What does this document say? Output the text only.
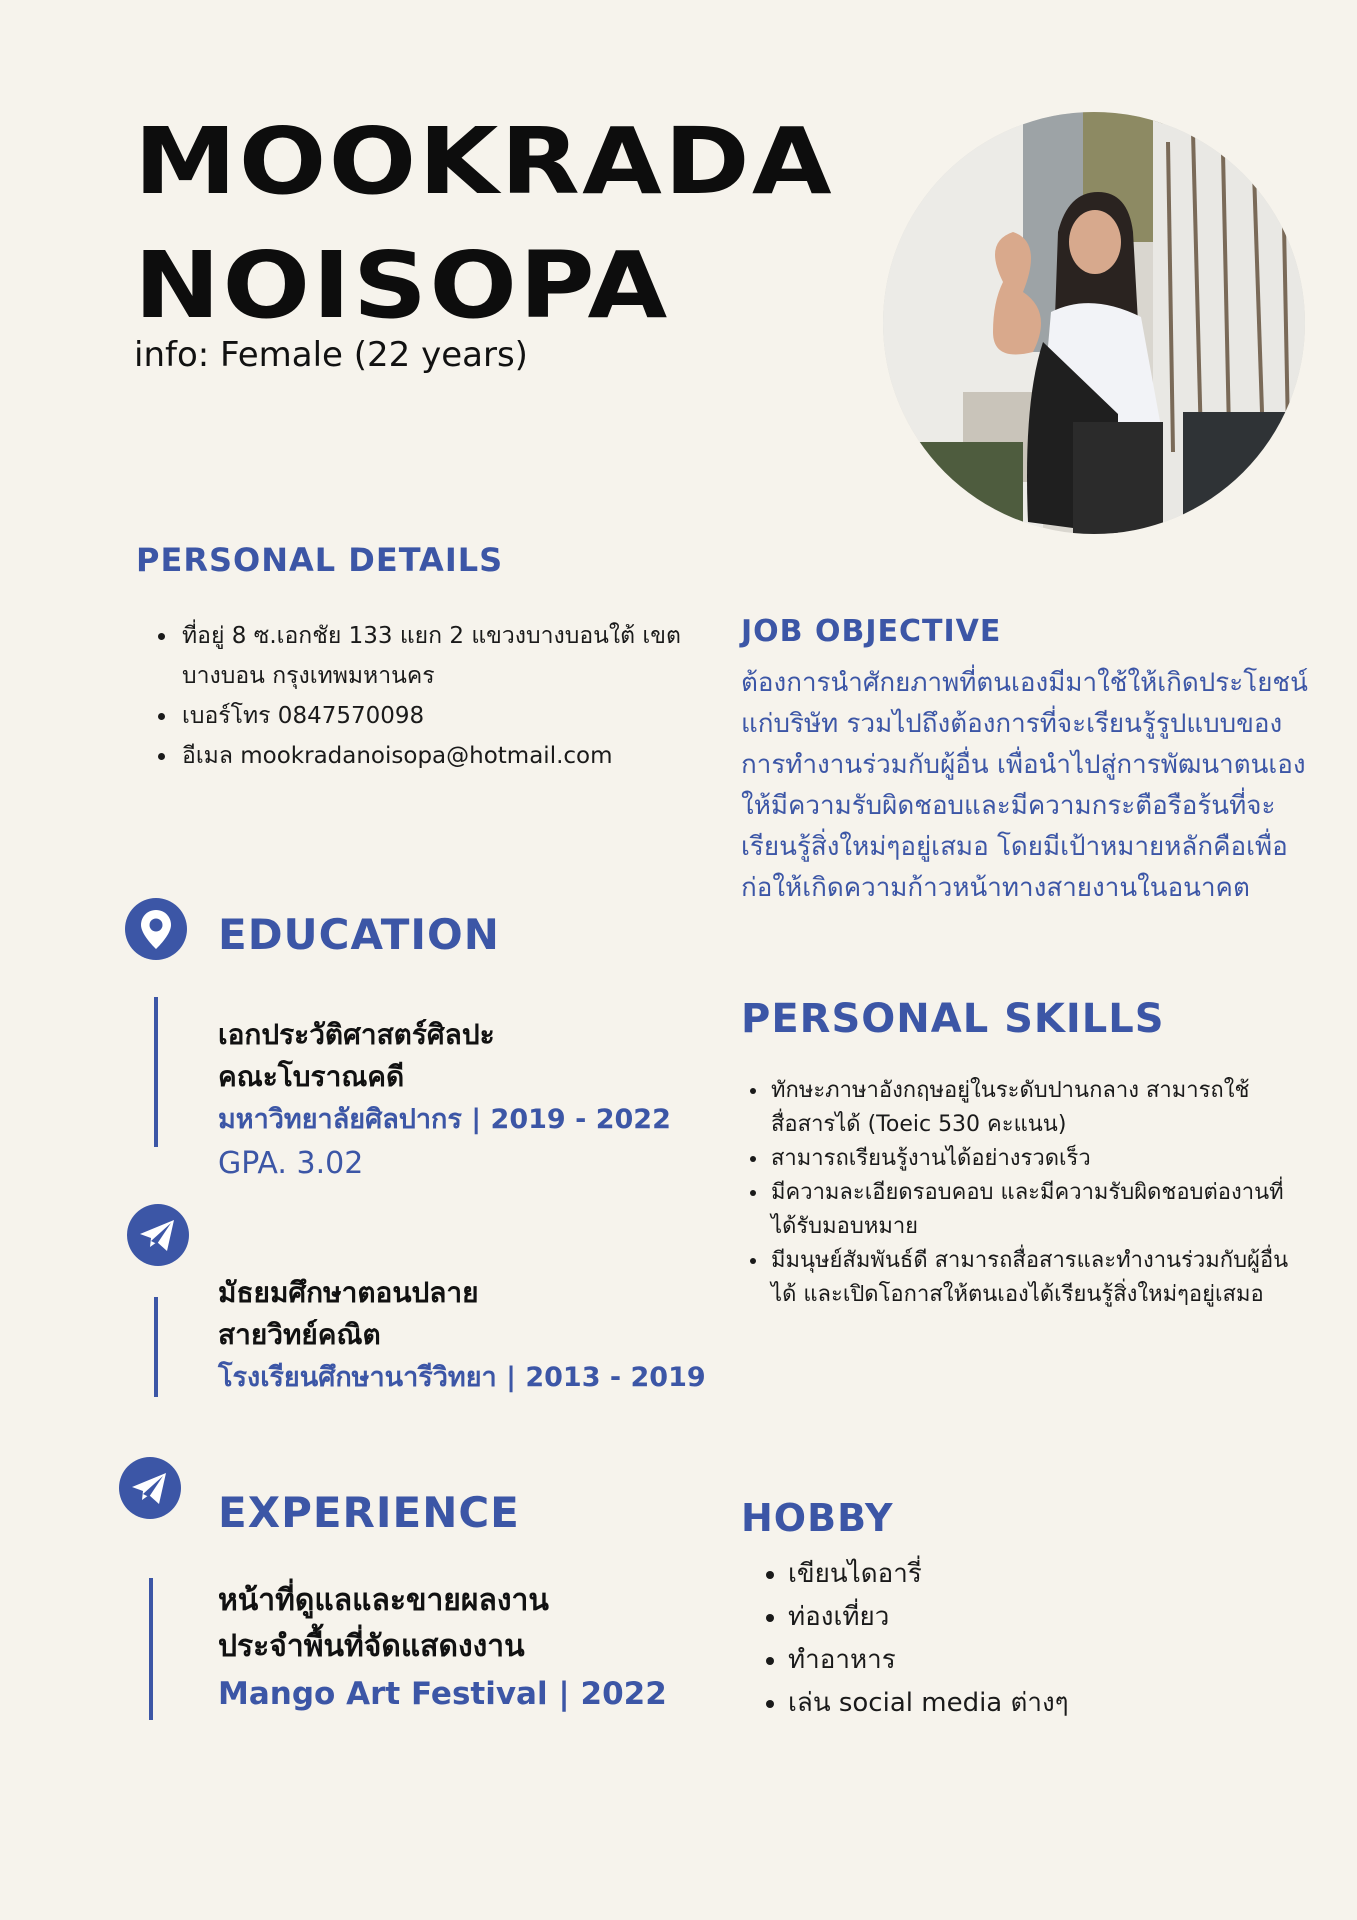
MOOKRADA
NOISOPA
info: Female (22 years)
PERSONAL DETAILS
• ที่อยู่ 8 ซ.เอกชัย 133 แยก 2 แขวงบางบอนใต้ เขตบางบอน กรุงเทพมหานคร
• เบอร์โทร 0847570098
• อีเมล mookradanoisopa@hotmail.com
JOB OBJECTIVE
ต้องการนำศักยภาพที่ตนเองมีมาใช้ให้เกิดประโยชน์แก่บริษัท รวมไปถึงต้องการที่จะเรียนรู้รูปแบบของการทำงานร่วมกับผู้อื่น เพื่อนำไปสู่การพัฒนาตนเองให้มีความรับผิดชอบและมีความกระตือรือร้นที่จะเรียนรู้สิ่งใหม่ๆอยู่เสมอ โดยมีเป้าหมายหลักคือเพื่อก่อให้เกิดความก้าวหน้าทางสายงานในอนาคต
EDUCATION
เอกประวัติศาสตร์ศิลปะ
คณะโบราณคดี
มหาวิทยาลัยศิลปากร | 2019 - 2022
GPA. 3.02
มัธยมศึกษาตอนปลาย
สายวิทย์คณิต
โรงเรียนศึกษานารีวิทยา | 2013 - 2019
EXPERIENCE
หน้าที่ดูแลและขายผลงาน
ประจำพื้นที่จัดแสดงงาน
Mango Art Festival | 2022
PERSONAL SKILLS
• ทักษะภาษาอังกฤษอยู่ในระดับปานกลาง สามารถใช้สื่อสารได้ (Toeic 530 คะแนน)
• สามารถเรียนรู้งานได้อย่างรวดเร็ว
• มีความละเอียดรอบคอบ และมีความรับผิดชอบต่องานที่ได้รับมอบหมาย
• มีมนุษย์สัมพันธ์ดี สามารถสื่อสารและทำงานร่วมกับผู้อื่นได้ และเปิดโอกาสให้ตนเองได้เรียนรู้สิ่งใหม่ๆอยู่เสมอ
HOBBY
• เขียนไดอารี่
• ท่องเที่ยว
• ทำอาหาร
• เล่น social media ต่างๆ
